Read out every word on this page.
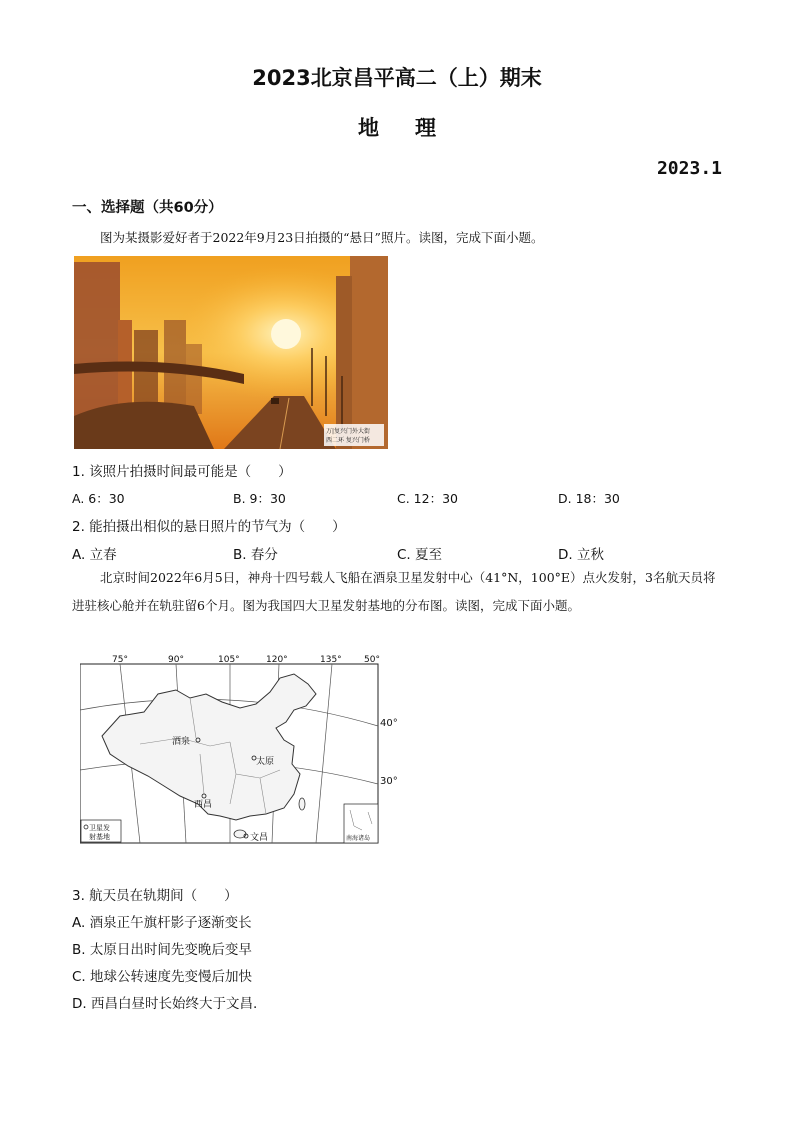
2023北京昌平高二（上）期末
地 理
2023.1
一、选择题（共60分）
图为某摄影爱好者于2022年9月23日拍摄的“悬日”照片。读图，完成下面小题。
万|复兴门外大街
西二环 复兴门桥
1. 该照片拍摄时间最可能是（　　）
A. 6：30	B. 9：30	C. 12：30	D. 18：30
2. 能拍摄出相似的悬日照片的节气为（　　）
A. 立春	B. 春分	C. 夏至	D. 立秋
北京时间2022年6月5日，神舟十四号载人飞船在酒泉卫星发射中心（41°N，100°E）点火发射，3名航天员将进驻核心舱并在轨驻留6个月。图为我国四大卫星发射基地的分布图。读图，完成下面小题。
75°	90°	105°	120°	135° 50°
酒泉
太原
西昌
文昌
卫星发
射基地	南海诸岛
40°
30°
3. 航天员在轨期间（　　）
A. 酒泉正午旗杆影子逐渐变长
B. 太原日出时间先变晚后变早
C. 地球公转速度先变慢后加快
D. 西昌白昼时长始终大于文昌.
